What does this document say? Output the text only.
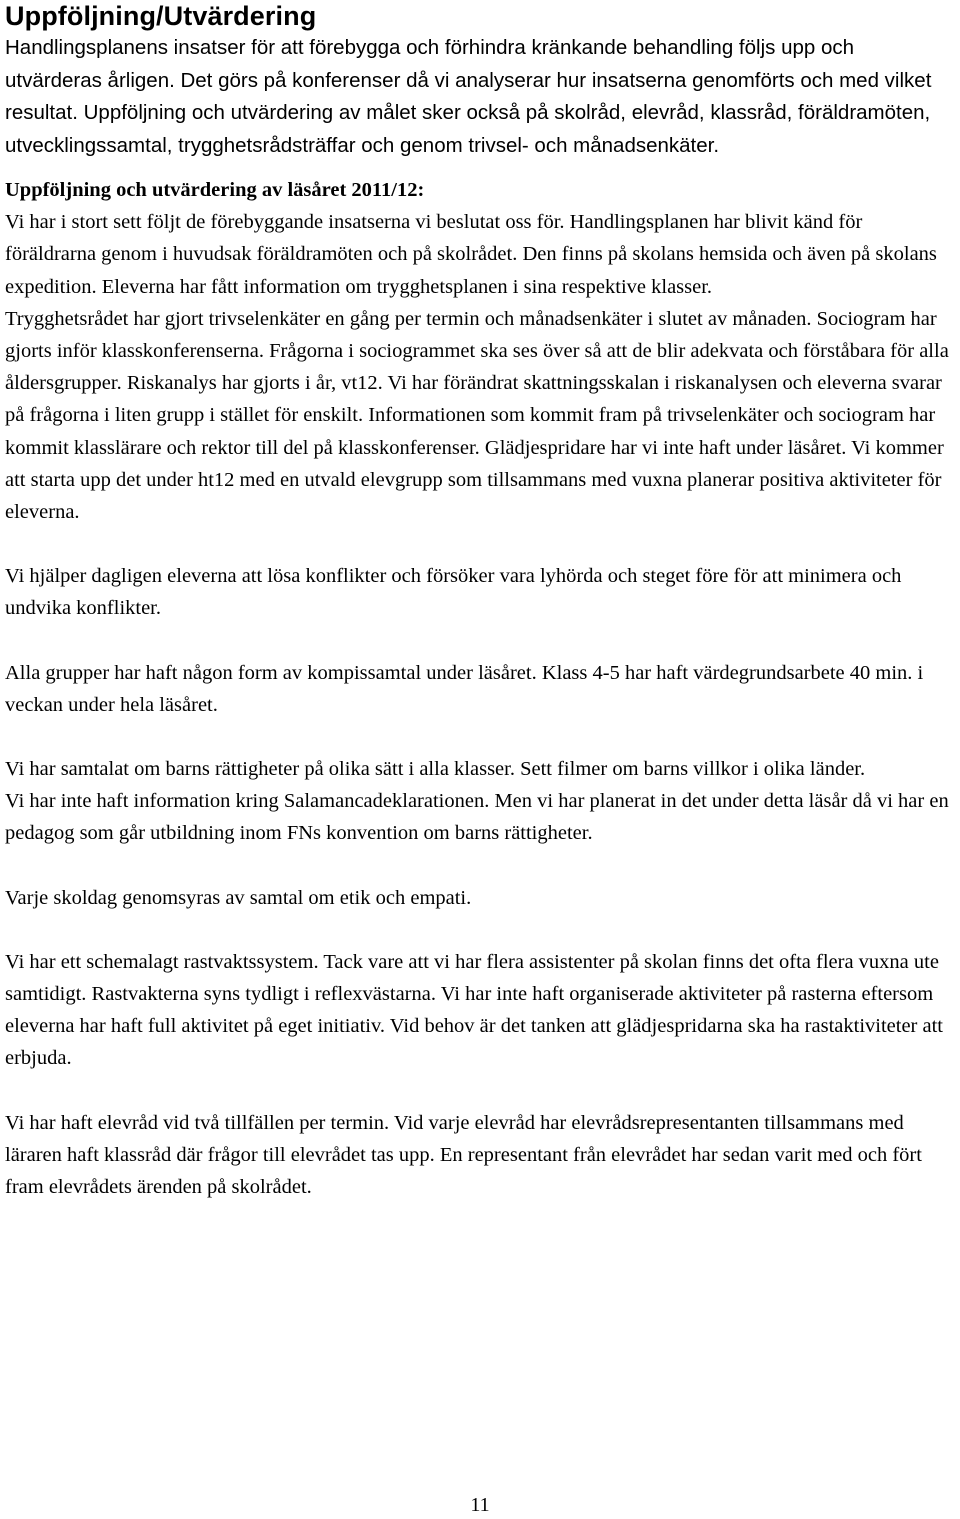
Uppföljning/Utvärdering

Handlingsplanens insatser för att förebygga och förhindra kränkande behandling följs upp och utvärderas årligen. Det görs på konferenser då vi analyserar hur insatserna genomförts och med vilket resultat. Uppföljning och utvärdering av målet sker också på skolråd, elevråd, klassråd, föräldramöten, utvecklingssamtal, trygghetsrådsträffar och genom trivsel- och månadsenkäter.

Uppföljning och utvärdering av läsåret 2011/12:

Vi har i stort sett följt de förebyggande insatserna vi beslutat oss för. Handlingsplanen har blivit känd för föräldrarna genom i huvudsak föräldramöten och på skolrådet. Den finns på skolans hemsida och även på skolans expedition. Eleverna har fått information om trygghetsplanen i sina respektive klasser.

Trygghetsrådet har gjort trivselenkäter en gång per termin och månadsenkäter i slutet av månaden. Sociogram har gjorts inför klasskonferenserna. Frågorna i sociogrammet ska ses över så att de blir adekvata och förståbara för alla åldersgrupper. Riskanalys har gjorts i år, vt12. Vi har förändrat skattningsskalan i riskanalysen och eleverna svarar på frågorna i liten grupp i stället för enskilt. Informationen som kommit fram på trivselenkäter och sociogram har kommit klasslärare och rektor till del på klasskonferenser. Glädjespridare har vi inte haft under läsåret. Vi kommer att starta upp det under ht12 med en utvald elevgrupp som tillsammans med vuxna planerar positiva aktiviteter för eleverna.

Vi hjälper dagligen eleverna att lösa konflikter och försöker vara lyhörda och steget före för att minimera och undvika konflikter.

Alla grupper har haft någon form av kompissamtal under läsåret. Klass 4-5 har haft värdegrundsarbete 40 min. i veckan under hela läsåret.

Vi har samtalat om barns rättigheter på olika sätt i alla klasser. Sett filmer om barns villkor i olika länder.

Vi har inte haft information kring Salamancadeklarationen. Men vi har planerat in det under detta läsår då vi har en pedagog som går utbildning inom FNs konvention om barns rättigheter.

Varje skoldag genomsyras av samtal om etik och empati.

Vi har ett schemalagt rastvaktssystem. Tack vare att vi har flera assistenter på skolan finns det ofta flera vuxna ute samtidigt. Rastvakterna syns tydligt i reflexvästarna. Vi har inte haft organiserade aktiviteter på rasterna eftersom eleverna har haft full aktivitet på eget initiativ. Vid behov är det tanken att glädjespridarna ska ha rastaktiviteter att erbjuda.

Vi har haft elevråd vid två tillfällen per termin. Vid varje elevråd har elevrådsrepresentanten tillsammans med läraren haft klassråd där frågor till elevrådet tas upp. En representant från elevrådet har sedan varit med och fört fram elevrådets ärenden på skolrådet.

11
